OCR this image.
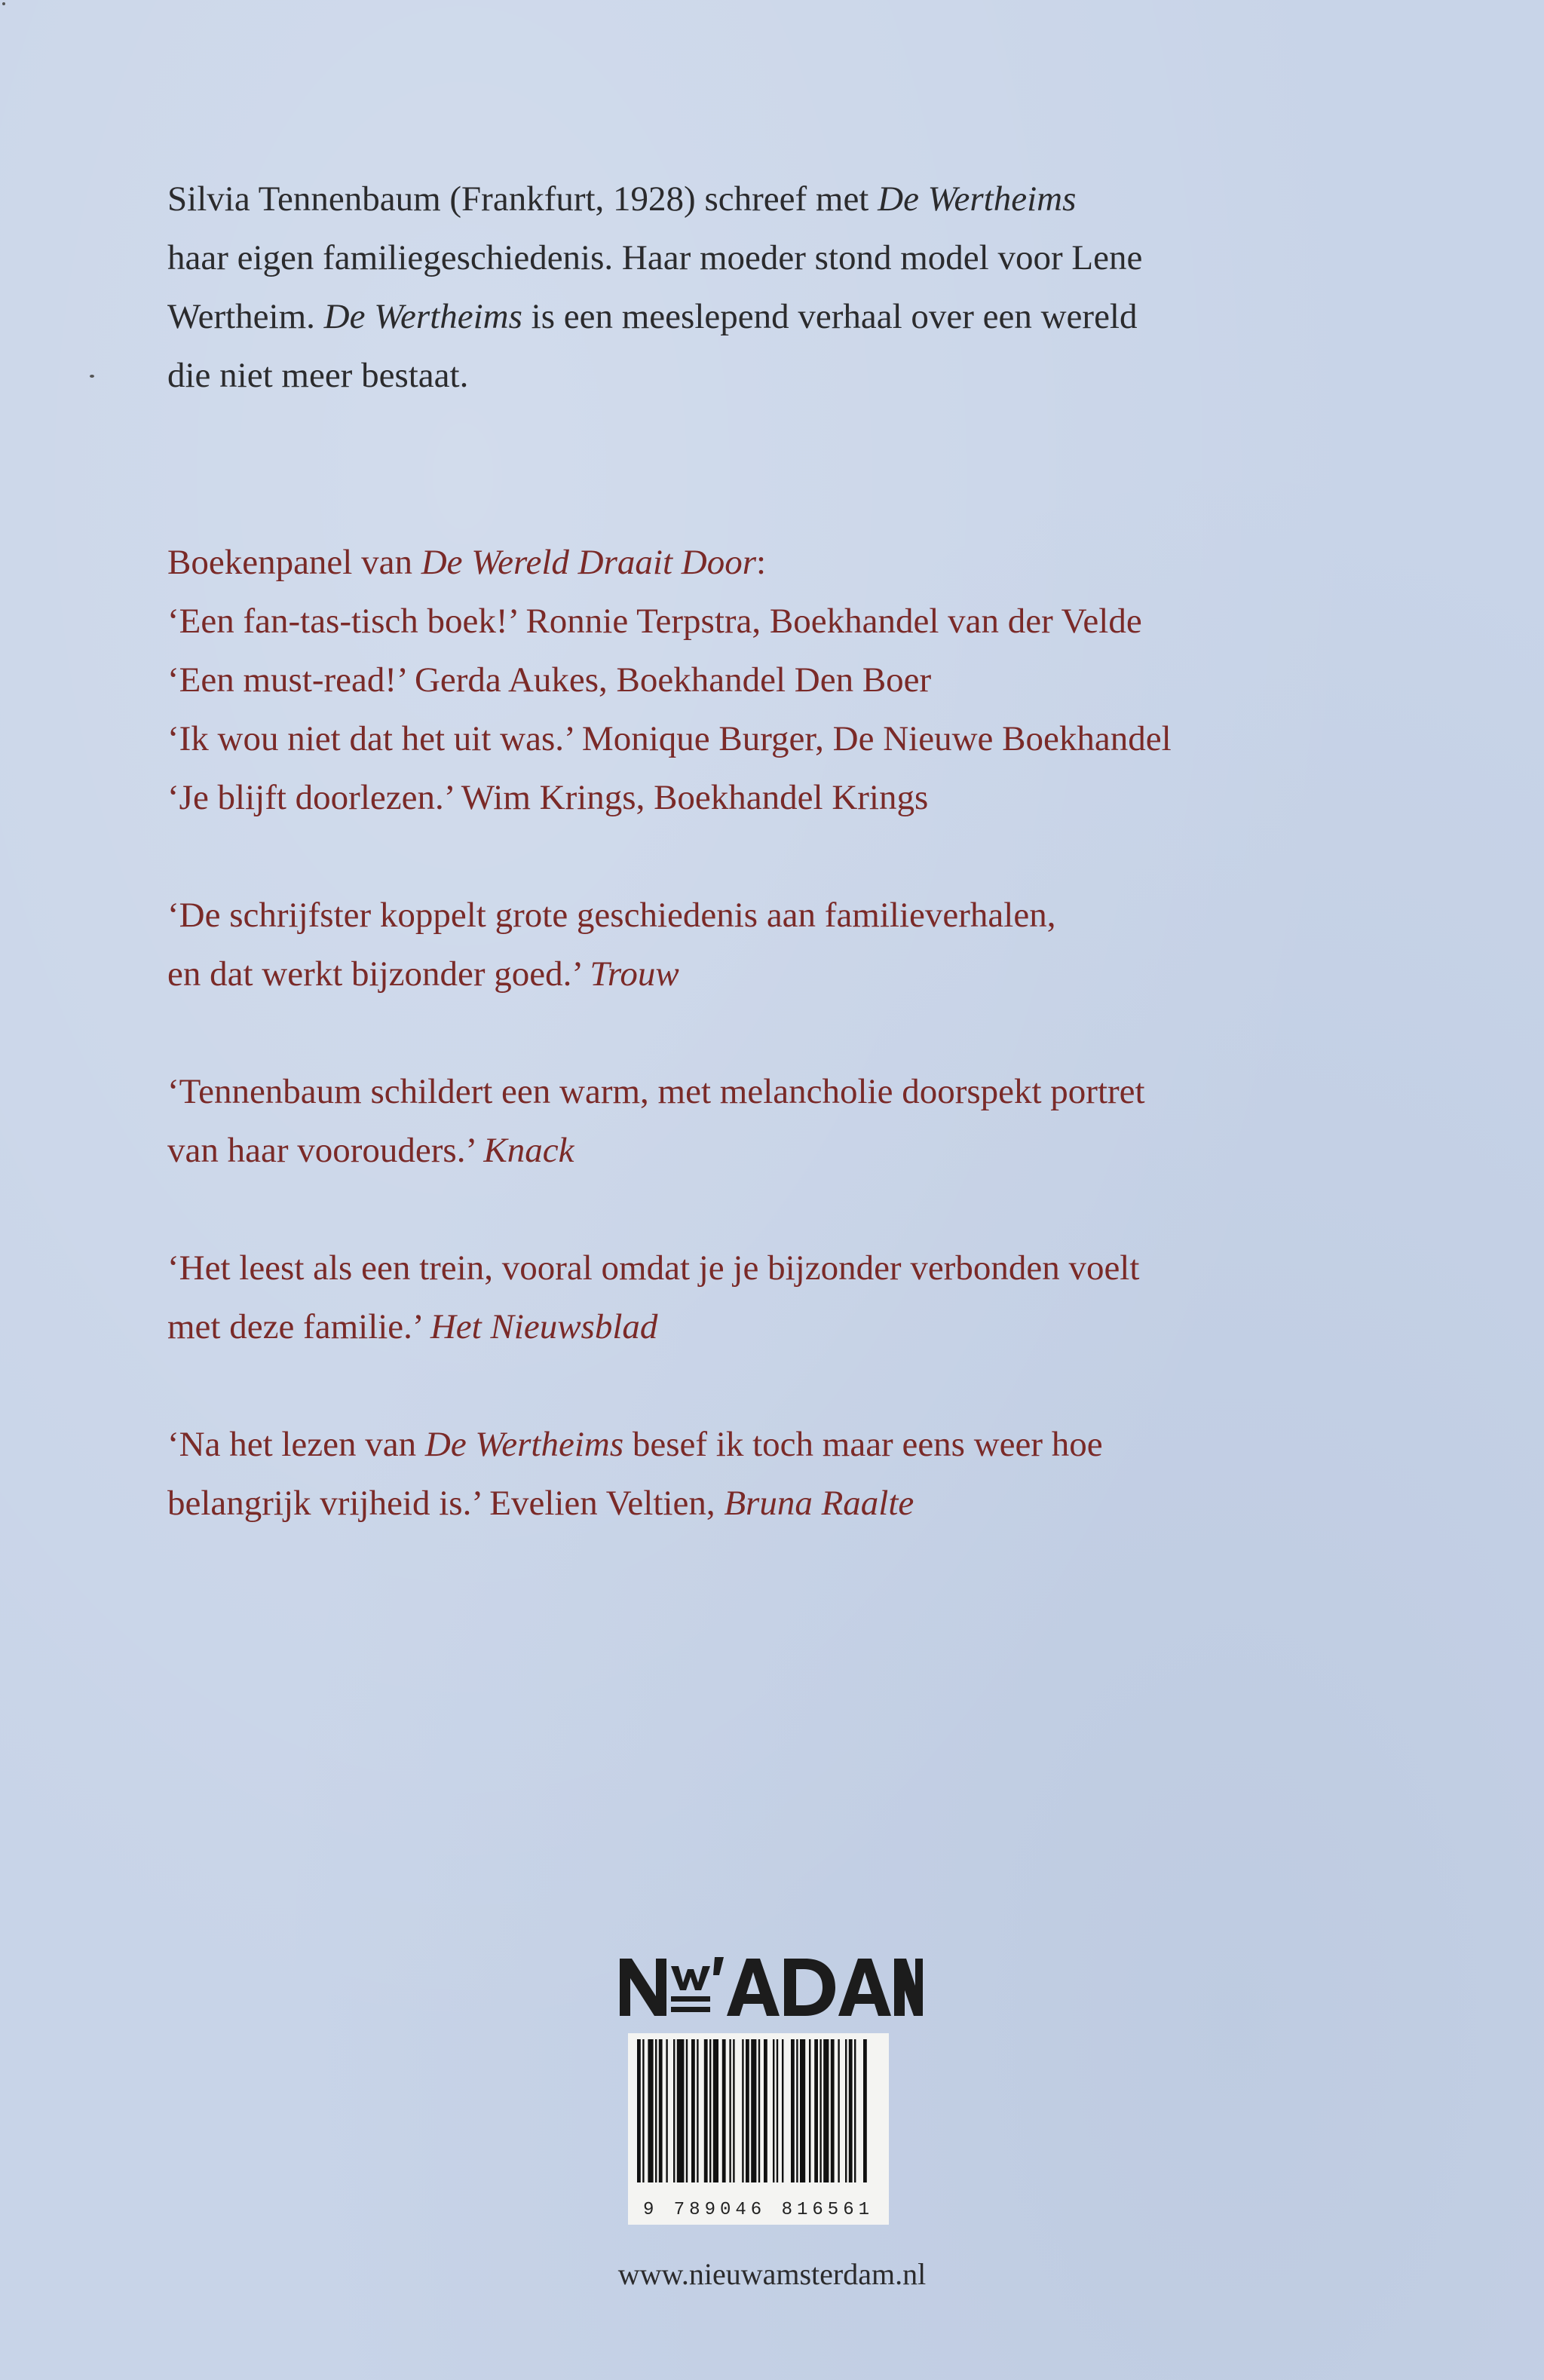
Silvia Tennenbaum (Frankfurt, 1928) schreef met De Wertheims
haar eigen familiegeschiedenis. Haar moeder stond model voor Lene
Wertheim. De Wertheims is een meeslepend verhaal over een wereld
die niet meer bestaat.

Boekenpanel van De Wereld Draait Door:

‘Een fan-tas-tisch boek!’ Ronnie Terpstra, Boekhandel van der Velde

‘Een must-read!’ Gerda Aukes, Boekhandel Den Boer

‘Ik wou niet dat het uit was.’ Monique Burger, De Nieuwe Boekhandel

‘Je blijft doorlezen.’ Wim Krings, Boekhandel Krings

‘De schrijfster koppelt grote geschiedenis aan familieverhalen,

en dat werkt bijzonder goed.’ Trouw

‘Tennenbaum schildert een warm, met melancholie doorspekt portret

van haar voorouders.’ Knack

‘Het leest als een trein, vooral omdat je je bijzonder verbonden voelt

met deze familie.’ Het Nieuwsblad

‘Na het lezen van De Wertheims besef ik toch maar eens weer hoe

belangrijk vrijheid is.’ Evelien Veltien, Bruna Raalte

9 789046 816561
www.nieuwamsterdam.nl
